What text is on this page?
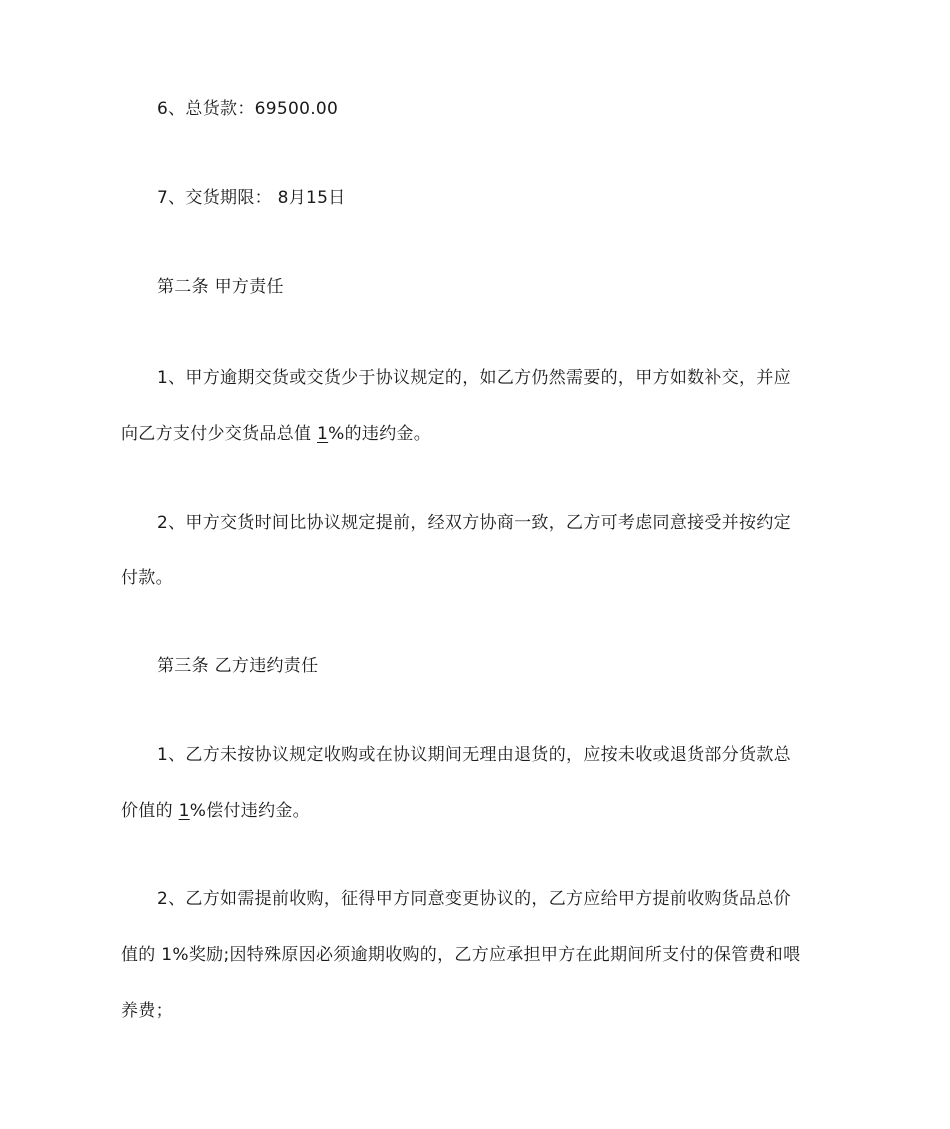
6、总货款：69500.00
7、交货期限： 8月15日
第二条 甲方责任
1、甲方逾期交货或交货少于协议规定的，如乙方仍然需要的，甲方如数补交，并应
向乙方支付少交货品总值 1%的违约金。
2、甲方交货时间比协议规定提前，经双方协商一致，乙方可考虑同意接受并按约定
付款。
第三条 乙方违约责任
1、乙方未按协议规定收购或在协议期间无理由退货的，应按未收或退货部分货款总
价值的 1%偿付违约金。
2、乙方如需提前收购，征得甲方同意变更协议的，乙方应给甲方提前收购货品总价
值的 1%奖励;因特殊原因必须逾期收购的，乙方应承担甲方在此期间所支付的保管费和喂
养费；
